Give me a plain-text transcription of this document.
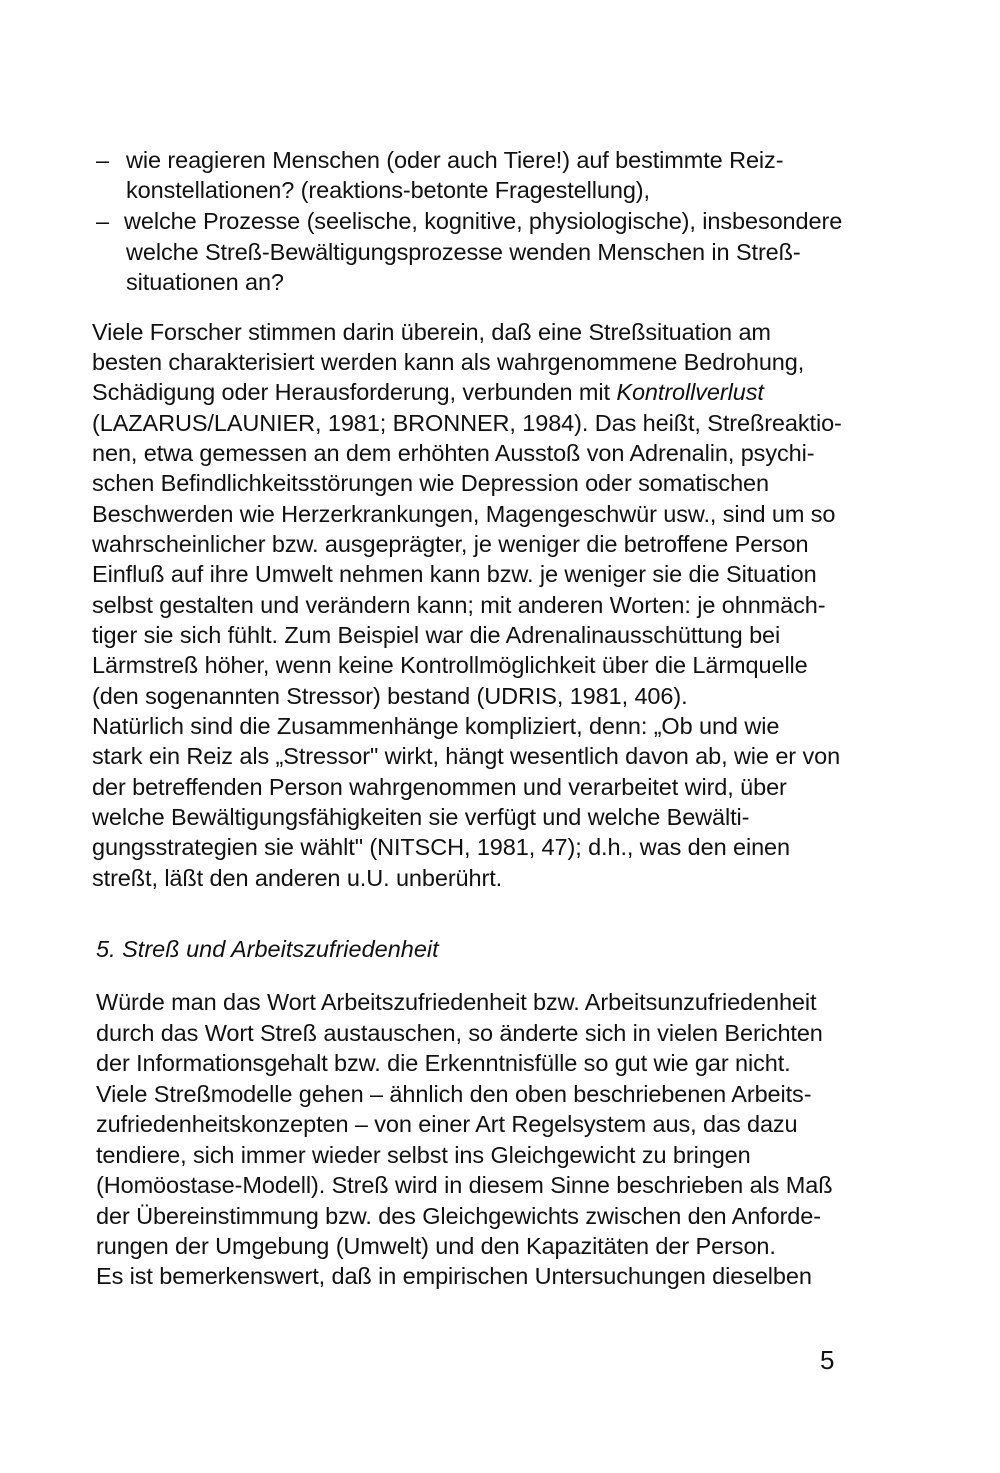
– wie reagieren Menschen (oder auch Tiere!) auf bestimmte Reiz-
konstellationen? (reaktions-betonte Fragestellung),
– welche Prozesse (seelische, kognitive, physiologische), insbesondere
welche Streß-Bewältigungsprozesse wenden Menschen in Streß-
situationen an?
Viele Forscher stimmen darin überein, daß eine Streßsituation am
besten charakterisiert werden kann als wahrgenommene Bedrohung,
Schädigung oder Herausforderung, verbunden mit Kontrollverlust
(LAZARUS/LAUNIER, 1981; BRONNER, 1984). Das heißt, Streßreaktio-
nen, etwa gemessen an dem erhöhten Ausstoß von Adrenalin, psychi-
schen Befindlichkeitsstörungen wie Depression oder somatischen
Beschwerden wie Herzerkrankungen, Magengeschwür usw., sind um so
wahrscheinlicher bzw. ausgeprägter, je weniger die betroffene Person
Einfluß auf ihre Umwelt nehmen kann bzw. je weniger sie die Situation
selbst gestalten und verändern kann; mit anderen Worten: je ohnmäch-
tiger sie sich fühlt. Zum Beispiel war die Adrenalinausschüttung bei
Lärmstreß höher, wenn keine Kontrollmöglichkeit über die Lärmquelle
(den sogenannten Stressor) bestand (UDRIS, 1981, 406).
Natürlich sind die Zusammenhänge kompliziert, denn: „Ob und wie
stark ein Reiz als „Stressor" wirkt, hängt wesentlich davon ab, wie er von
der betreffenden Person wahrgenommen und verarbeitet wird, über
welche Bewältigungsfähigkeiten sie verfügt und welche Bewälti-
gungsstrategien sie wählt" (NITSCH, 1981, 47); d.h., was den einen
streßt, läßt den anderen u.U. unberührt.
5. Streß und Arbeitszufriedenheit
Würde man das Wort Arbeitszufriedenheit bzw. Arbeitsunzufriedenheit
durch das Wort Streß austauschen, so änderte sich in vielen Berichten
der Informationsgehalt bzw. die Erkenntnisfülle so gut wie gar nicht.
Viele Streßmodelle gehen – ähnlich den oben beschriebenen Arbeits-
zufriedenheitskonzepten – von einer Art Regelsystem aus, das dazu
tendiere, sich immer wieder selbst ins Gleichgewicht zu bringen
(Homöostase-Modell). Streß wird in diesem Sinne beschrieben als Maß
der Übereinstimmung bzw. des Gleichgewichts zwischen den Anforde-
rungen der Umgebung (Umwelt) und den Kapazitäten der Person.
Es ist bemerkenswert, daß in empirischen Untersuchungen dieselben
5
